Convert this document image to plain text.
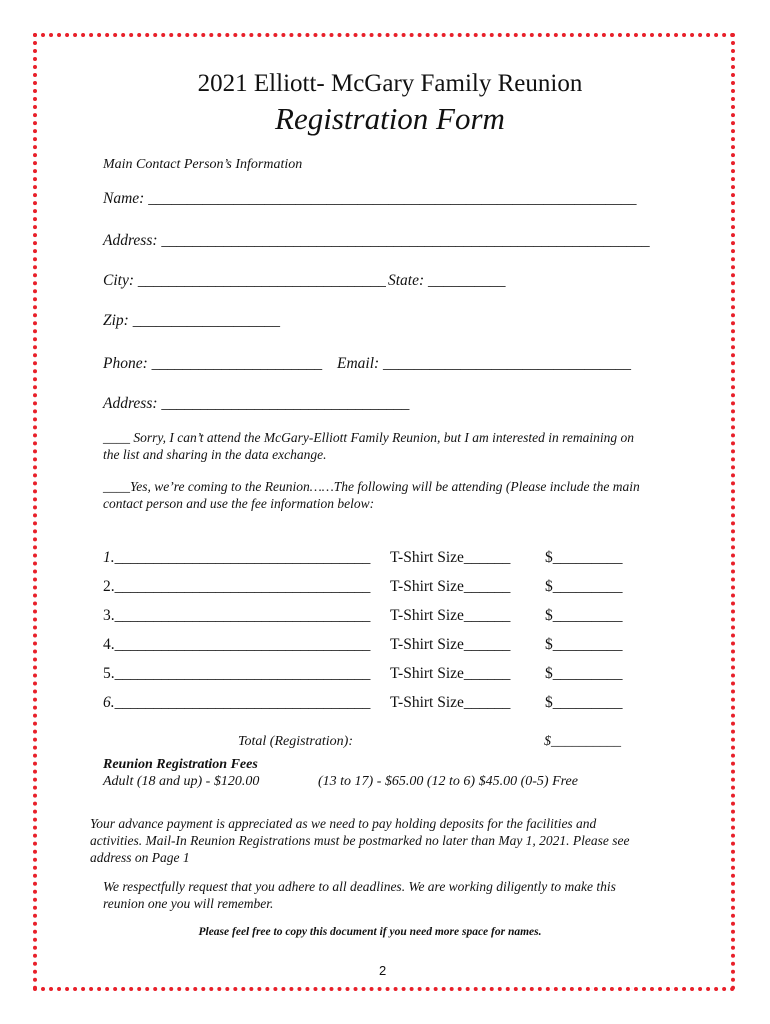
2021 Elliott- McGary Family Reunion
Registration Form
Main Contact Person’s Information
Name: _______________________________________________________________
Address: _______________________________________________________________
City: ________________________________ State: __________
Zip: ___________________
Phone: ______________________ Email: ________________________________
Address: ________________________________
____ Sorry, I can’t attend the McGary-Elliott Family Reunion, but I am interested in remaining on the list and sharing in the data exchange.
____Yes, we’re coming to the Reunion……The following will be attending (Please include the main contact person and use the fee information below:
1._________________________________ T-Shirt Size______ $_________
2._________________________________ T-Shirt Size______ $_________
3._________________________________ T-Shirt Size______ $_________
4._________________________________ T-Shirt Size______ $_________
5._________________________________ T-Shirt Size______ $_________
6._________________________________ T-Shirt Size______ $_________
Total (Registration):	$__________
Reunion Registration Fees
Adult (18 and up) - $120.00	(13 to 17) - $65.00 (12 to 6) $45.00 (0-5) Free
Your advance payment is appreciated as we need to pay holding deposits for the facilities and activities. Mail-In Reunion Registrations must be postmarked no later than May 1, 2021. Please see address on Page 1
We respectfully request that you adhere to all deadlines. We are working diligently to make this reunion one you will remember.
Please feel free to copy this document if you need more space for names.
2
